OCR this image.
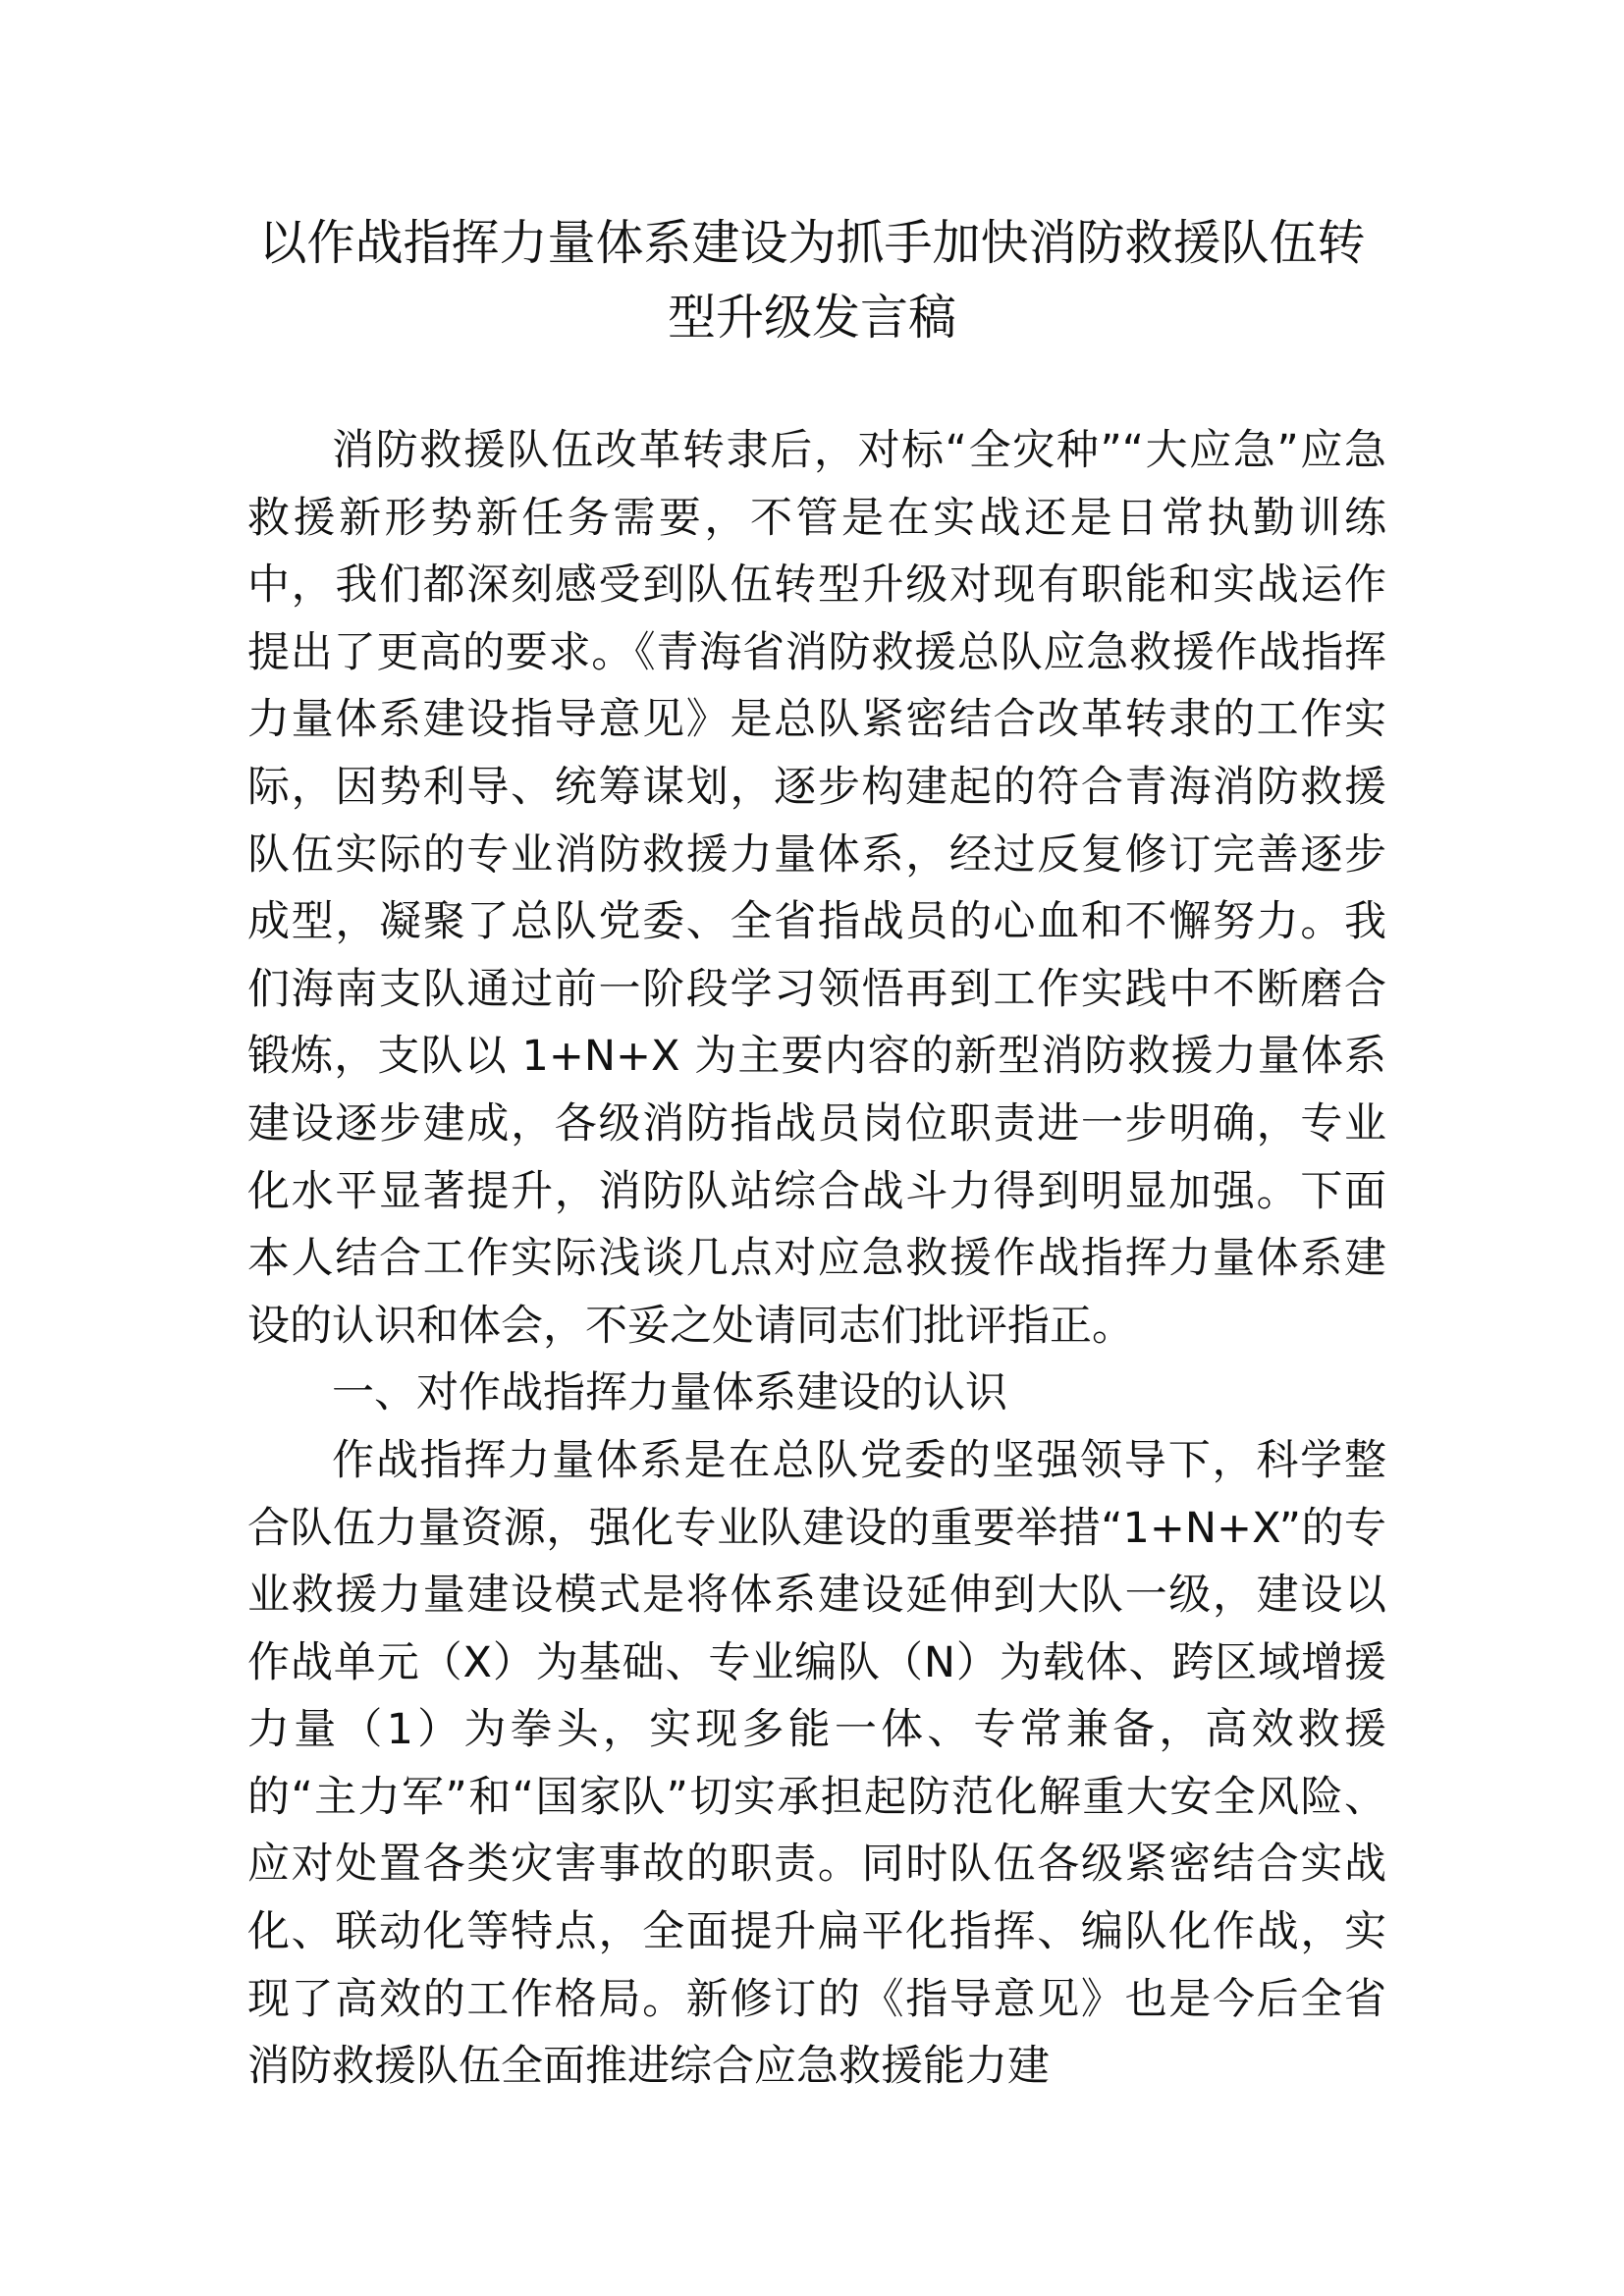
以作战指挥力量体系建设为抓手加快消防救援队伍转
型升级发言稿

消防救援队伍改革转隶后，对标“全灾种”“大应急”应急救援新形势新任务需要，不管是在实战还是日常执勤训练中，我们都深刻感受到队伍转型升级对现有职能和实战运作提出了更高的要求。《青海省消防救援总队应急救援作战指挥力量体系建设指导意见》是总队紧密结合改革转隶的工作实际，因势利导、统筹谋划，逐步构建起的符合青海消防救援队伍实际的专业消防救援力量体系，经过反复修订完善逐步成型，凝聚了总队党委、全省指战员的心血和不懈努力。我们海南支队通过前一阶段学习领悟再到工作实践中不断磨合锻炼，支队以 1+N+X 为主要内容的新型消防救援力量体系建设逐步建成，各级消防指战员岗位职责进一步明确，专业化水平显著提升，消防队站综合战斗力得到明显加强。下面本人结合工作实际浅谈几点对应急救援作战指挥力量体系建设的认识和体会，不妥之处请同志们批评指正。

一、对作战指挥力量体系建设的认识

作战指挥力量体系是在总队党委的坚强领导下，科学整合队伍力量资源，强化专业队建设的重要举措“1+N+X”的专业救援力量建设模式是将体系建设延伸到大队一级，建设以作战单元（X）为基础、专业编队（N）为载体、跨区域增援力量（1）为拳头，实现多能一体、专常兼备，高效救援的“主力军”和“国家队”切实承担起防范化解重大安全风险、应对处置各类灾害事故的职责。同时队伍各级紧密结合实战化、联动化等特点，全面提升扁平化指挥、编队化作战，实现了高效的工作格局。新修订的《指导意见》也是今后全省消防救援队伍全面推进综合应急救援能力建
